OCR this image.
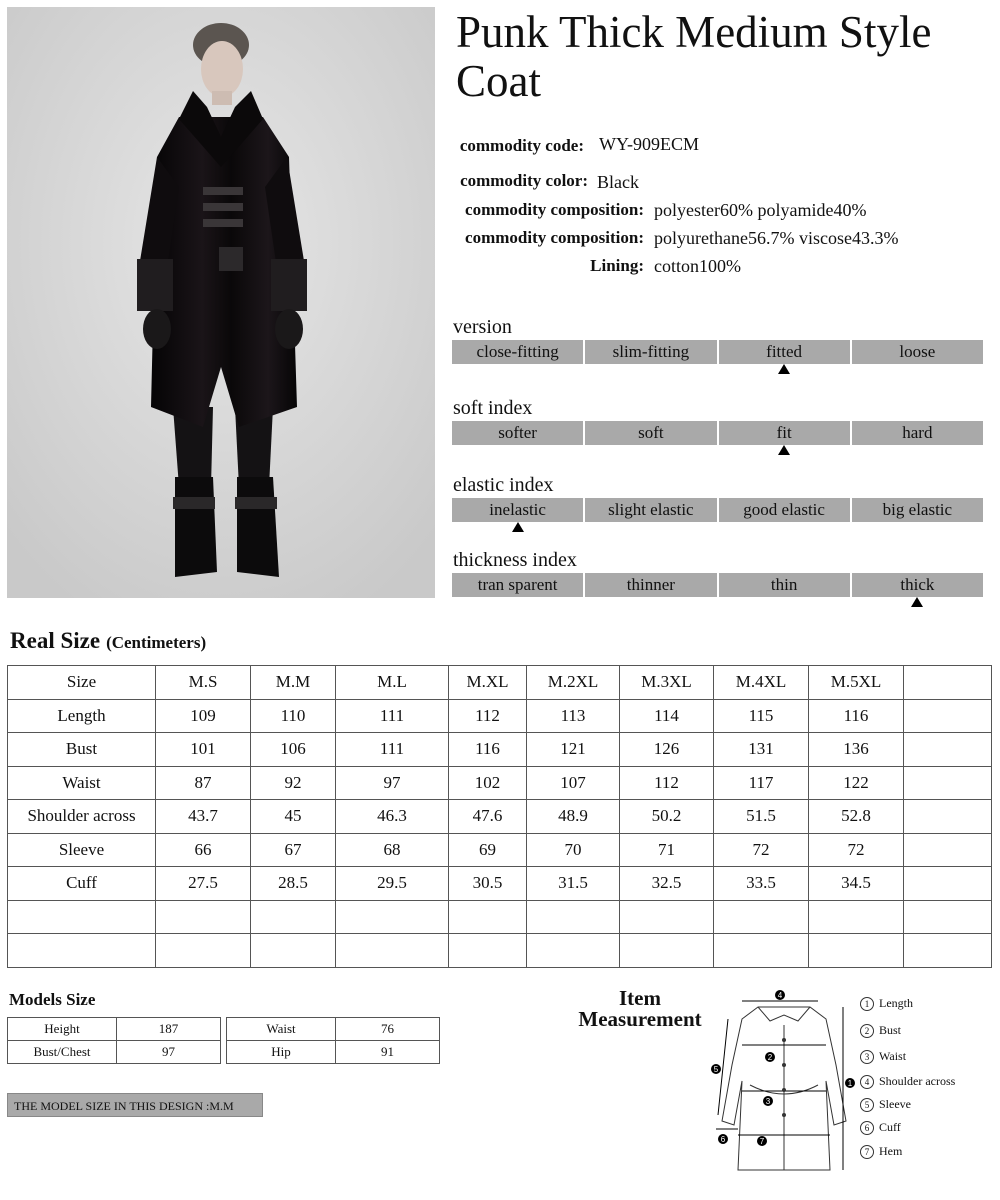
Punk Thick Medium Style Coat
commodity code: WY-909ECM
commodity color: Black
commodity composition: polyester60% polyamide40%
commodity composition: polyurethane56.7% viscose43.3%
Lining: cotton100%
version
close-fitting	slim-fitting	fitted	loose
soft index
softer	soft	fit	hard
elastic index
inelastic	slight elastic	good elastic	big elastic
thickness index
tran sparent	thinner	thin	thick
Real Size (Centimeters)
Size	M.S	M.M	M.L	M.XL	M.2XL	M.3XL	M.4XL	M.5XL	
Length	109	110	111	112	113	114	115	116	
Bust	101	106	111	116	121	126	131	136	
Waist	87	92	97	102	107	112	117	122	
Shoulder across	43.7	45	46.3	47.6	48.9	50.2	51.5	52.8	
Sleeve	66	67	68	69	70	71	72	72	
Cuff	27.5	28.5	29.5	30.5	31.5	32.5	33.5	34.5	

Models Size
Height	187
Bust/Chest	97
Waist	76
Hip	91
THE MODEL SIZE IN THIS DESIGN :M.M
Item
Measurement
4
2
3
1
5
6	7
1 Length
2 Bust
3 Waist
4 Shoulder across
5 Sleeve
6 Cuff
7 Hem
